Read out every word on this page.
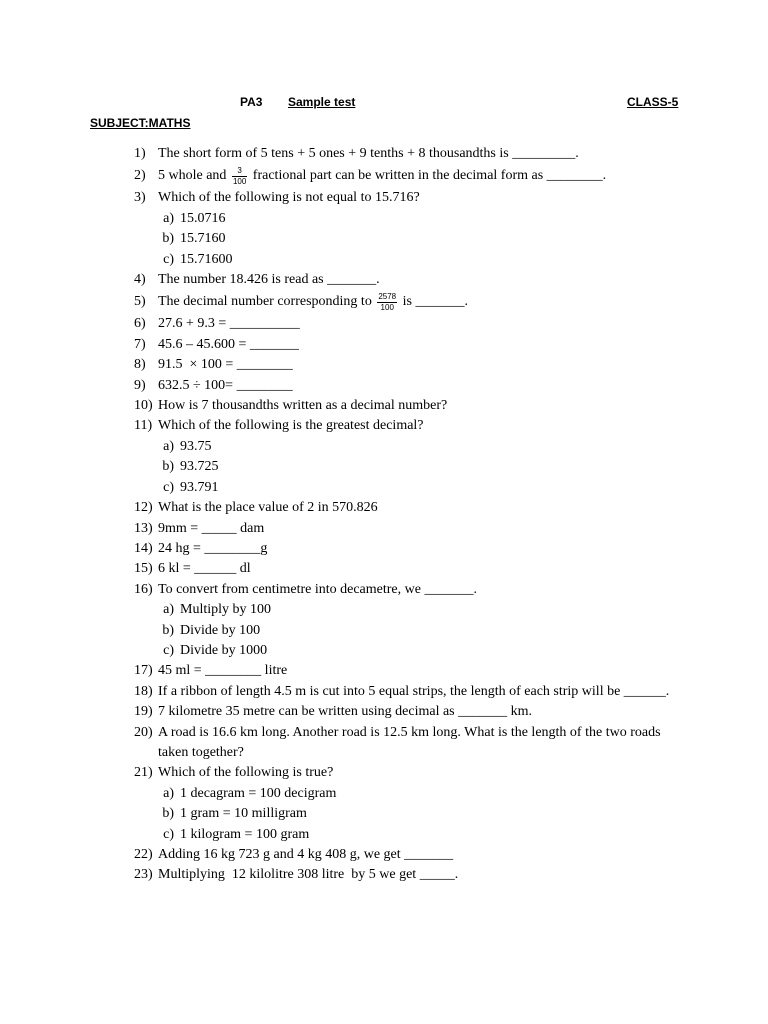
PA3 Sample test	CLASS-5
SUBJECT:MATHS
1) The short form of 5 tens + 5 ones + 9 tenths + 8 thousandths is _________.
2) 5 whole and $\frac{3}{100}$ fractional part can be written in the decimal form as ________.
3) Which of the following is not equal to 15.716?
a) 15.0716
b) 15.7160
c) 15.71600
4) The number 18.426 is read as _______.
5) The decimal number corresponding to $\frac{2578}{100}$ is _______.
6) 27.6 + 9.3 = __________
7) 45.6 – 45.600 = _______
8) 91.5  × 100 = ________
9) 632.5 ÷ 100= ________
10) How is 7 thousandths written as a decimal number?
11) Which of the following is the greatest decimal?
a) 93.75
b) 93.725
c) 93.791
12) What is the place value of 2 in 570.826
13) 9mm = _____ dam
14) 24 hg = ________g
15) 6 kl = ______ dl
16) To convert from centimetre into decametre, we _______.
a) Multiply by 100
b) Divide by 100
c) Divide by 1000
17) 45 ml = ________ litre
18) If a ribbon of length 4.5 m is cut into 5 equal strips, the length of each strip will be ______.
19) 7 kilometre 35 metre can be written using decimal as _______ km.
20) A road is 16.6 km long. Another road is 12.5 km long. What is the length of the two roads taken together?
21) Which of the following is true?
a) 1 decagram = 100 decigram
b) 1 gram = 10 milligram
c) 1 kilogram = 100 gram
22) Adding 16 kg 723 g and 4 kg 408 g, we get _______
23) Multiplying  12 kilolitre 308 litre  by 5 we get _____.
